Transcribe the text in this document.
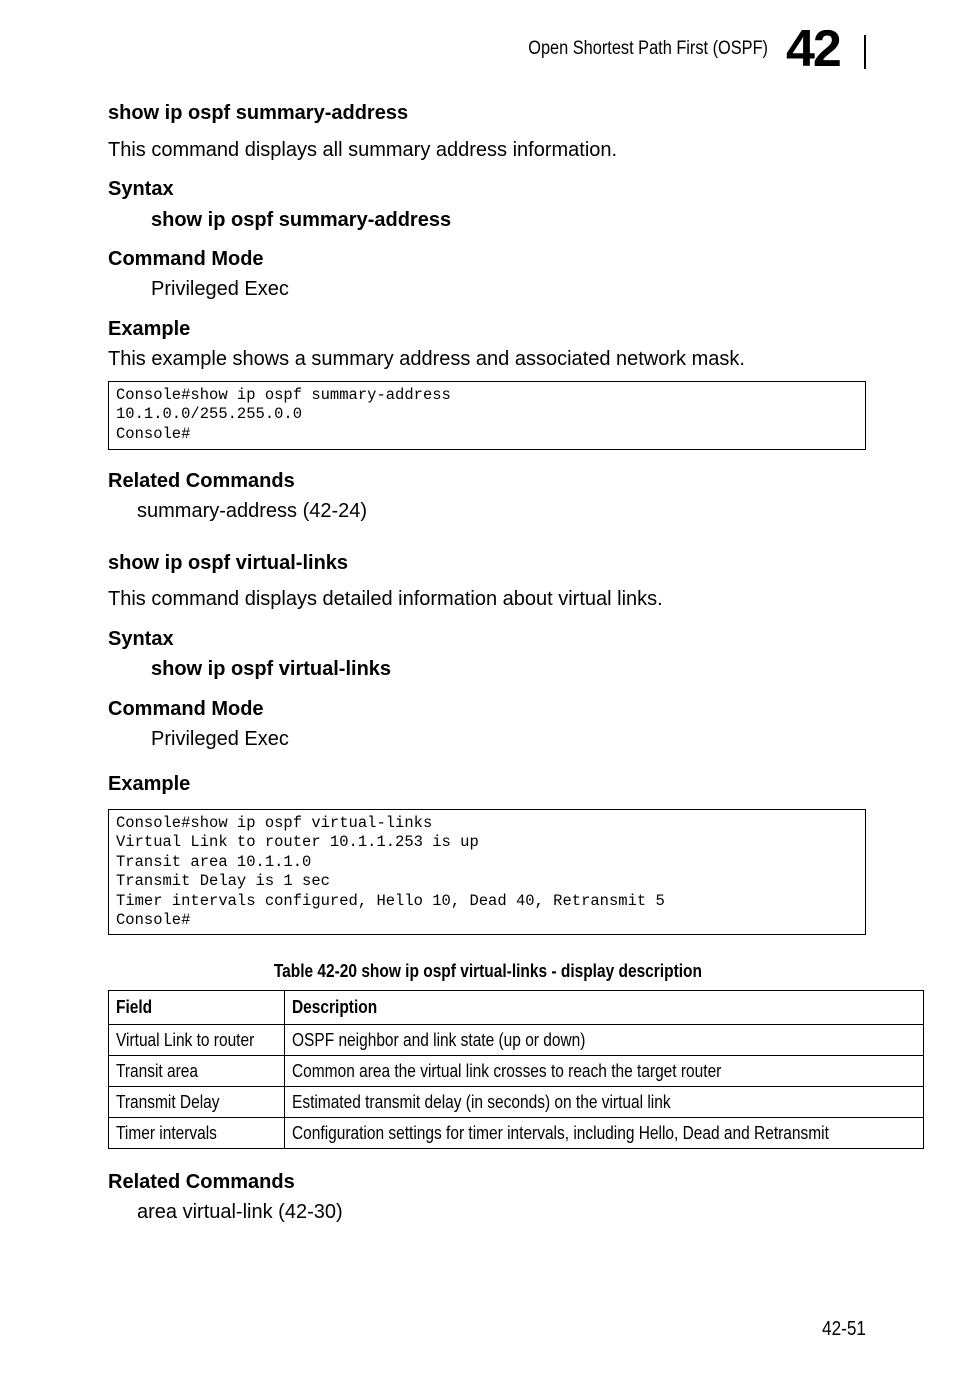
Open Shortest Path First (OSPF) 42
show ip ospf summary-address
This command displays all summary address information.
Syntax
show ip ospf summary-address
Command Mode
Privileged Exec
Example
This example shows a summary address and associated network mask.
Console#show ip ospf summary-address
10.1.0.0/255.255.0.0
Console#
Related Commands
summary-address (42-24)
show ip ospf virtual-links
This command displays detailed information about virtual links.
Syntax
show ip ospf virtual-links
Command Mode
Privileged Exec
Example
Console#show ip ospf virtual-links
Virtual Link to router 10.1.1.253 is up
Transit area 10.1.1.0
Transmit Delay is 1 sec
Timer intervals configured, Hello 10, Dead 40, Retransmit 5
Console#
Table 42-20 show ip ospf virtual-links - display description
Field	Description
Virtual Link to router	OSPF neighbor and link state (up or down)
Transit area	Common area the virtual link crosses to reach the target router
Transmit Delay	Estimated transmit delay (in seconds) on the virtual link
Timer intervals	Configuration settings for timer intervals, including Hello, Dead and Retransmit
Related Commands
area virtual-link (42-30)
42-51
